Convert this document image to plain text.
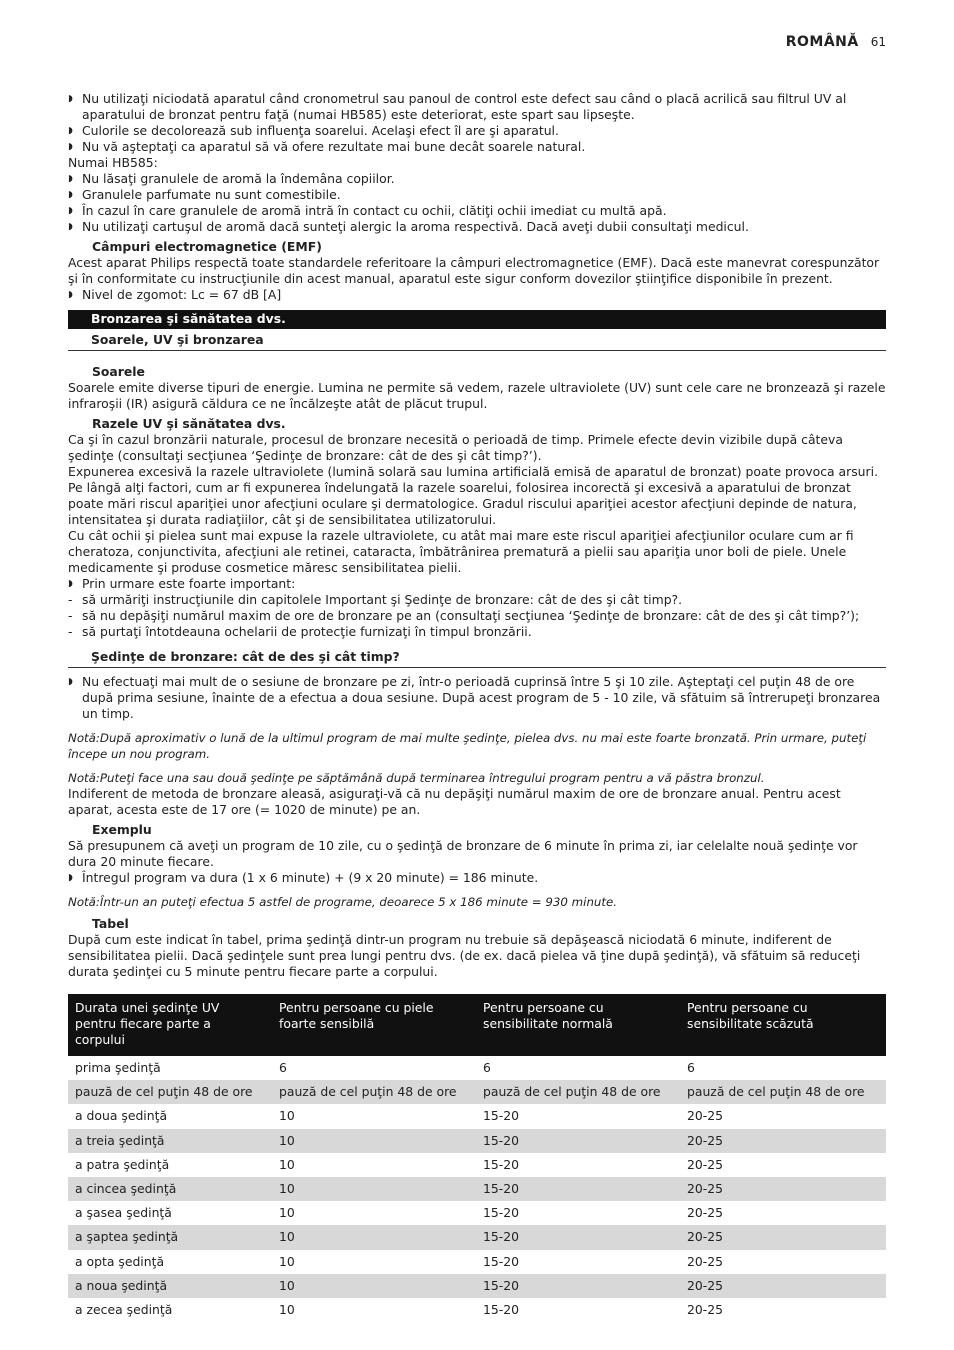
ROMÂNĂ 61

◗ Nu utilizaţi niciodată aparatul când cronometrul sau panoul de control este defect sau când o placă acrilică sau filtrul UV al aparatului de bronzat pentru faţă (numai HB585) este deteriorat, este spart sau lipseşte.

◗ Culorile se decolorează sub influenţa soarelui. Acelaşi efect îl are şi aparatul.

◗ Nu vă aşteptaţi ca aparatul să vă ofere rezultate mai bune decât soarele natural.

Numai HB585:

◗ Nu lăsaţi granulele de aromă la îndemâna copiilor.

◗ Granulele parfumate nu sunt comestibile.

◗ În cazul în care granulele de aromă intră în contact cu ochii, clătiţi ochii imediat cu multă apă.

◗ Nu utilizaţi cartuşul de aromă dacă sunteţi alergic la aroma respectivă. Dacă aveţi dubii consultaţi medicul.

Câmpuri electromagnetice (EMF)

Acest aparat Philips respectă toate standardele referitoare la câmpuri electromagnetice (EMF). Dacă este manevrat corespunzător şi în conformitate cu instrucţiunile din acest manual, aparatul este sigur conform dovezilor ştiinţifice disponibile în prezent.

◗ Nivel de zgomot: Lc = 67 dB [A]

Bronzarea şi sănătatea dvs.
Soarele, UV şi bronzarea

Soarele

Soarele emite diverse tipuri de energie. Lumina ne permite să vedem, razele ultraviolete (UV) sunt cele care ne bronzează şi razele infraroşii (IR) asigură căldura ce ne încălzeşte atât de plăcut trupul.

Razele UV şi sănătatea dvs.

Ca şi în cazul bronzării naturale, procesul de bronzare necesită o perioadă de timp. Primele efecte devin vizibile după câteva şedinţe (consultaţi secţiunea ‘Şedinţe de bronzare: cât de des şi cât timp?’).

Expunerea excesivă la razele ultraviolete (lumină solară sau lumina artificială emisă de aparatul de bronzat) poate provoca arsuri.

Pe lângă alţi factori, cum ar fi expunerea îndelungată la razele soarelui, folosirea incorectă şi excesivă a aparatului de bronzat poate mări riscul apariţiei unor afecţiuni oculare şi dermatologice. Gradul riscului apariţiei acestor afecţiuni depinde de natura, intensitatea şi durata radiaţiilor, cât şi de sensibilitatea utilizatorului.

Cu cât ochii şi pielea sunt mai expuse la razele ultraviolete, cu atât mai mare este riscul apariţiei afecţiunilor oculare cum ar fi cheratoza, conjunctivita, afecţiuni ale retinei, cataracta, îmbătrânirea prematură a pielii sau apariţia unor boli de piele. Unele medicamente şi produse cosmetice măresc sensibilitatea pielii.

◗ Prin urmare este foarte important:

- să urmăriţi instrucţiunile din capitolele Important şi Şedinţe de bronzare: cât de des şi cât timp?.

- să nu depăşiţi numărul maxim de ore de bronzare pe an (consultaţi secţiunea ‘Şedinţe de bronzare: cât de des şi cât timp?’);

- să purtaţi întotdeauna ochelarii de protecţie furnizaţi în timpul bronzării.

Şedinţe de bronzare: cât de des şi cât timp?

◗ Nu efectuaţi mai mult de o sesiune de bronzare pe zi, într-o perioadă cuprinsă între 5 şi 10 zile. Aşteptaţi cel puţin 48 de ore după prima sesiune, înainte de a efectua a doua sesiune. După acest program de 5 - 10 zile, vă sfătuim să întrerupeţi bronzarea un timp.

Notă:După aproximativ o lună de la ultimul program de mai multe şedinţe, pielea dvs. nu mai este foarte bronzată. Prin urmare, puteţi începe un nou program.

Notă:Puteţi face una sau două şedinţe pe săptămână după terminarea întregului program pentru a vă păstra bronzul.

Indiferent de metoda de bronzare aleasă, asiguraţi-vă că nu depăşiţi numărul maxim de ore de bronzare anual. Pentru acest aparat, acesta este de 17 ore (= 1020 de minute) pe an.

Exemplu

Să presupunem că aveţi un program de 10 zile, cu o şedinţă de bronzare de 6 minute în prima zi, iar celelalte nouă şedinţe vor dura 20 minute fiecare.

◗ Întregul program va dura (1 x 6 minute) + (9 x 20 minute) = 186 minute.

Notă:Într-un an puteţi efectua 5 astfel de programe, deoarece 5 x 186 minute = 930 minute.

Tabel

După cum este indicat în tabel, prima şedinţă dintr-un program nu trebuie să depăşească niciodată 6 minute, indiferent de sensibilitatea pielii. Dacă şedinţele sunt prea lungi pentru dvs. (de ex. dacă pielea vă ţine după şedinţă), vă sfătuim să reduceţi durata şedinţei cu 5 minute pentru fiecare parte a corpului.

Durata unei şedinţe UV pentru fiecare parte a corpului	Pentru persoane cu piele foarte sensibilă	Pentru persoane cu sensibilitate normală	Pentru persoane cu sensibilitate scăzută
prima şedinţă	6	6	6
pauză de cel puţin 48 de ore	pauză de cel puţin 48 de ore	pauză de cel puţin 48 de ore	pauză de cel puţin 48 de ore
a doua şedinţă	10	15-20	20-25
a treia şedinţă	10	15-20	20-25
a patra şedinţă	10	15-20	20-25
a cincea şedinţă	10	15-20	20-25
a şasea şedinţă	10	15-20	20-25
a şaptea şedinţă	10	15-20	20-25
a opta şedinţă	10	15-20	20-25
a noua şedinţă	10	15-20	20-25
a zecea şedinţă	10	15-20	20-25
